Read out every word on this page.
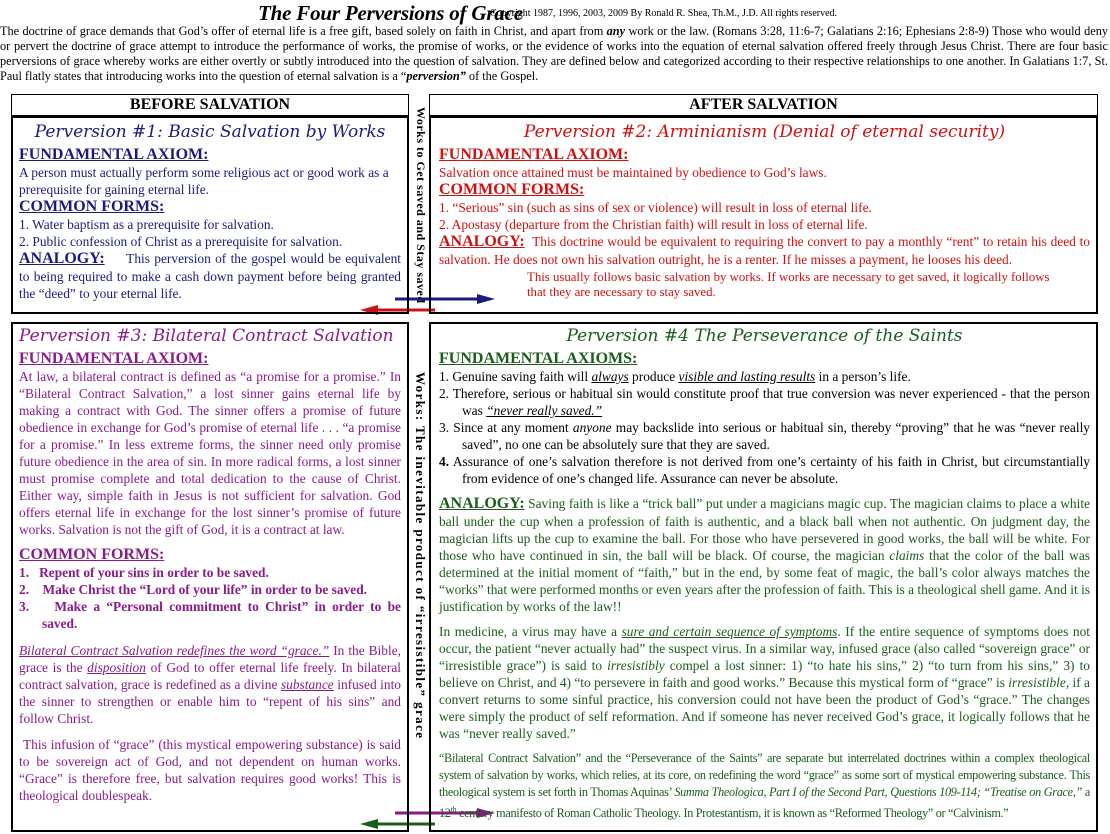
The Four Perversions of Grace
Copyright 1987, 1996, 2003, 2009 By Ronald R. Shea, Th.M., J.D. All rights reserved.
The doctrine of grace demands that God’s offer of eternal life is a free gift, based solely on faith in Christ, and apart from any work or the law. (Romans 3:28, 11:6-7; Galatians 2:16; Ephesians 2:8-9) Those who would deny or pervert the doctrine of grace attempt to introduce the performance of works, the promise of works, or the evidence of works into the equation of eternal salvation offered freely through Jesus Christ. There are four basic perversions of grace whereby works are either overtly or subtly introduced into the question of salvation. They are defined below and categorized according to their respective relationships to one another. In Galatians 1:7, St. Paul flatly states that introducing works into the question of eternal salvation is a “perversion” of the Gospel.
BEFORE SALVATION	AFTER SALVATION
Works to Get saved and Stay saved
Works: The inevitable product of “irresistible” grace
Perversion #1: Basic Salvation by Works
FUNDAMENTAL AXIOM:
A person must actually perform some religious act or good work as a prerequisite for gaining eternal life.
COMMON FORMS:
1. Water baptism as a prerequisite for salvation.
2. Public confession of Christ as a prerequisite for salvation.
ANALOGY: This perversion of the gospel would be equivalent to being required to make a cash down payment before being granted the “deed” to your eternal life.
Perversion #2: Arminianism (Denial of eternal security)
FUNDAMENTAL AXIOM:
Salvation once attained must be maintained by obedience to God’s laws.
COMMON FORMS:
1. “Serious” sin (such as sins of sex or violence) will result in loss of eternal life.
2. Apostasy (departure from the Christian faith) will result in loss of eternal life.
ANALOGY: This doctrine would be equivalent to requiring the convert to pay a monthly “rent” to retain his deed to salvation. He does not own his salvation outright, he is a renter. If he misses a payment, he looses his deed.
This usually follows basic salvation by works. If works are necessary to get saved, it logically follows that they are necessary to stay saved.
Perversion #3: Bilateral Contract Salvation
FUNDAMENTAL AXIOM:
At law, a bilateral contract is defined as “a promise for a promise.” In “Bilateral Contract Salvation,” a lost sinner gains eternal life by making a contract with God. The sinner offers a promise of future obedience in exchange for God’s promise of eternal life . . . “a promise for a promise.” In less extreme forms, the sinner need only promise future obedience in the area of sin. In more radical forms, a lost sinner must promise complete and total dedication to the cause of Christ. Either way, simple faith in Jesus is not sufficient for salvation. God offers eternal life in exchange for the lost sinner’s promise of future works. Salvation is not the gift of God, it is a contract at law.
COMMON FORMS:
1. Repent of your sins in order to be saved.
2. Make Christ the “Lord of your life” in order to be saved.
3. Make a “Personal commitment to Christ” in order to be saved.
Bilateral Contract Salvation redefines the word “grace.” In the Bible, grace is the disposition of God to offer eternal life freely. In bilateral contract salvation, grace is redefined as a divine substance infused into the sinner to strengthen or enable him to “repent of his sins” and follow Christ.
This infusion of “grace” (this mystical empowering substance) is said to be sovereign act of God, and not dependent on human works. “Grace” is therefore free, but salvation requires good works! This is theological doublespeak.
Perversion #4 The Perseverance of the Saints
FUNDAMENTAL AXIOMS:
1. Genuine saving faith will always produce visible and lasting results in a person’s life.
2. Therefore, serious or habitual sin would constitute proof that true conversion was never experienced - that the person was “never really saved.”
3. Since at any moment anyone may backslide into serious or habitual sin, thereby “proving” that he was “never really saved”, no one can be absolutely sure that they are saved.
4. Assurance of one’s salvation therefore is not derived from one’s certainty of his faith in Christ, but circumstantially from evidence of one’s changed life. Assurance can never be absolute.
ANALOGY: Saving faith is like a “trick ball” put under a magicians magic cup. The magician claims to place a white ball under the cup when a profession of faith is authentic, and a black ball when not authentic. On judgment day, the magician lifts up the cup to examine the ball. For those who have persevered in good works, the ball will be white. For those who have continued in sin, the ball will be black. Of course, the magician claims that the color of the ball was determined at the initial moment of “faith,” but in the end, by some feat of magic, the ball’s color always matches the “works” that were performed months or even years after the profession of faith. This is a theological shell game. And it is justification by works of the law!!
In medicine, a virus may have a sure and certain sequence of symptoms. If the entire sequence of symptoms does not occur, the patient “never actually had” the suspect virus. In a similar way, infused grace (also called “sovereign grace” or “irresistible grace”) is said to irresistibly compel a lost sinner: 1) “to hate his sins,” 2) “to turn from his sins,” 3) to believe on Christ, and 4) “to persevere in faith and good works.” Because this mystical form of “grace” is irresistible, if a convert returns to some sinful practice, his conversion could not have been the product of God’s “grace.” The changes were simply the product of self reformation. And if someone has never received God’s grace, it logically follows that he was “never really saved.”
“Bilateral Contract Salvation” and the “Perseverance of the Saints” are separate but interrelated doctrines within a complex theological system of salvation by works, which relies, at its core, on redefining the word “grace” as some sort of mystical empowering substance. This theological system is set forth in Thomas Aquinas’ Summa Theologica, Part I of the Second Part, Questions 109-114; “Treatise on Grace,” a 12th century manifesto of Roman Catholic Theology. In Protestantism, it is known as “Reformed Theology” or “Calvinism.”
